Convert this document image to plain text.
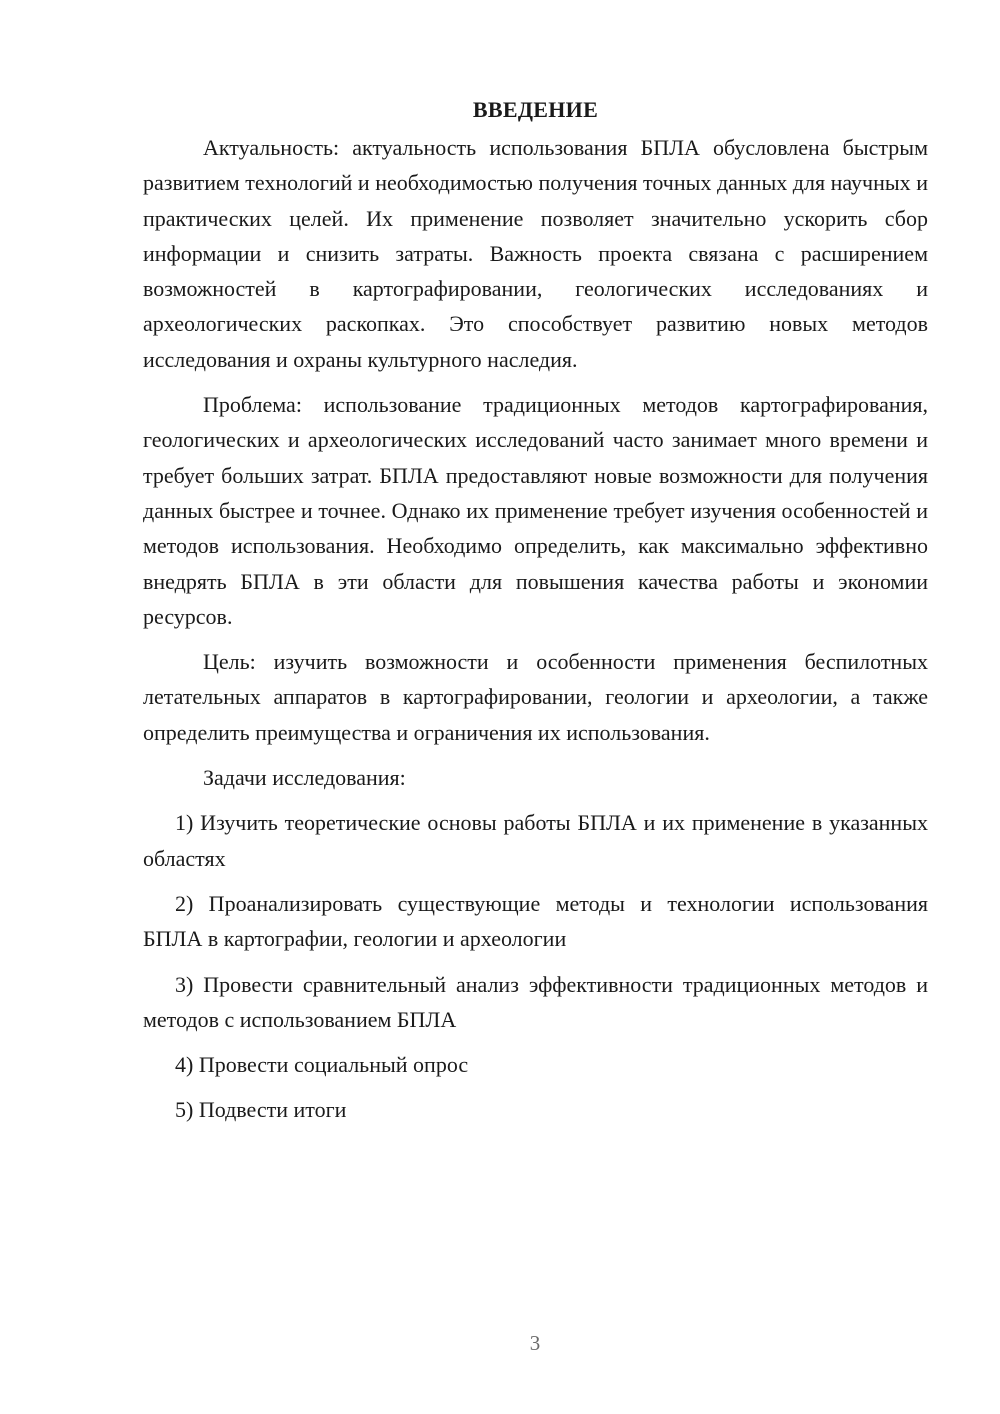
ВВЕДЕНИЕ

Актуальность: актуальность использования БПЛА обусловлена быстрым развитием технологий и необходимостью получения точных данных для научных и практических целей. Их применение позволяет значительно ускорить сбор информации и снизить затраты. Важность проекта связана с расширением возможностей в картографировании, геологических исследованиях и археологических раскопках. Это способствует развитию новых методов исследования и охраны культурного наследия.

Проблема: использование традиционных методов картографирования, геологических и археологических исследований часто занимает много времени и требует больших затрат. БПЛА предоставляют новые возможности для получения данных быстрее и точнее. Однако их применение требует изучения особенностей и методов использования. Необходимо определить, как максимально эффективно внедрять БПЛА в эти области для повышения качества работы и экономии ресурсов.

Цель: изучить возможности и особенности применения беспилотных летательных аппаратов в картографировании, геологии и археологии, а также определить преимущества и ограничения их использования.

Задачи исследования:

1) Изучить теоретические основы работы БПЛА и их применение в указанных областях

2) Проанализировать существующие методы и технологии использования БПЛА в картографии, геологии и археологии

3) Провести сравнительный анализ эффективности традиционных методов и методов с использованием БПЛА

4) Провести социальный опрос

5) Подвести итоги

3
